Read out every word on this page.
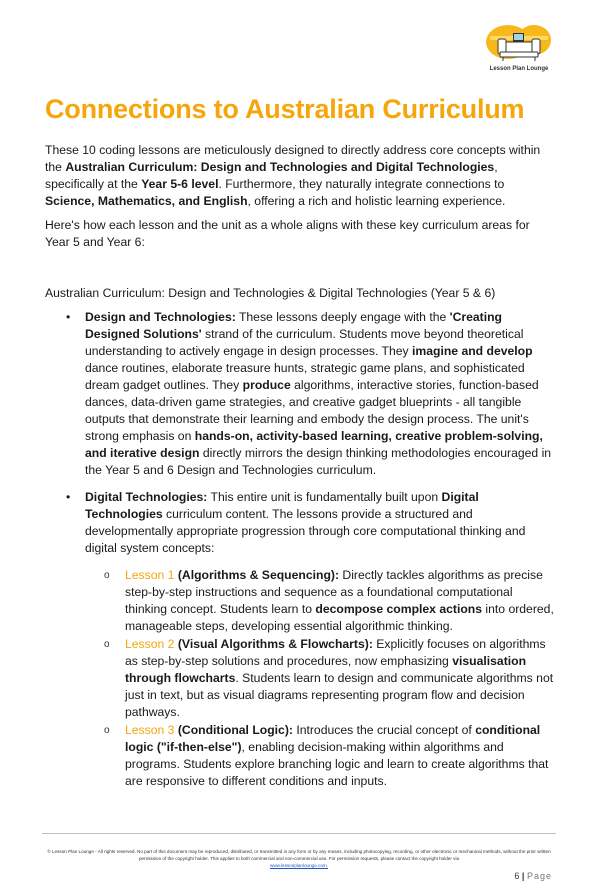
Lesson Plan Lounge
Connections to Australian Curriculum

These 10 coding lessons are meticulously designed to directly address core concepts within the Australian Curriculum: Design and Technologies and Digital Technologies, specifically at the Year 5-6 level. Furthermore, they naturally integrate connections to Science, Mathematics, and English, offering a rich and holistic learning experience.

Here's how each lesson and the unit as a whole aligns with these key curriculum areas for Year 5 and Year 6:

Australian Curriculum: Design and Technologies & Digital Technologies (Year 5 & 6)
• Design and Technologies: These lessons deeply engage with the 'Creating Designed Solutions' strand of the curriculum. Students move beyond theoretical understanding to actively engage in design processes. They imagine and develop dance routines, elaborate treasure hunts, strategic game plans, and sophisticated dream gadget outlines. They produce algorithms, interactive stories, function-based dances, data-driven game strategies, and creative gadget blueprints - all tangible outputs that demonstrate their learning and embody the design process. The unit's strong emphasis on hands-on, activity-based learning, creative problem-solving, and iterative design directly mirrors the design thinking methodologies encouraged in the Year 5 and 6 Design and Technologies curriculum.
• Digital Technologies: This entire unit is fundamentally built upon Digital Technologies curriculum content. The lessons provide a structured and developmentally appropriate progression through core computational thinking and digital system concepts:
o Lesson 1 (Algorithms & Sequencing): Directly tackles algorithms as precise step-by-step instructions and sequence as a foundational computational thinking concept. Students learn to decompose complex actions into ordered, manageable steps, developing essential algorithmic thinking.
o Lesson 2 (Visual Algorithms & Flowcharts): Explicitly focuses on algorithms as step-by-step solutions and procedures, now emphasizing visualisation through flowcharts. Students learn to design and communicate algorithms not just in text, but as visual diagrams representing program flow and decision pathways.
o Lesson 3 (Conditional Logic): Introduces the crucial concept of conditional logic ("if-then-else"), enabling decision-making within algorithms and programs. Students explore branching logic and learn to create algorithms that are responsive to different conditions and inputs.
© Lesson Plan Lounge - All rights reserved. No part of this document may be reproduced, distributed, or transmitted in any form or by any means, including photocopying, recording, or other electronic or mechanical methods, without the prior written permission of the copyright holder. This applies to both commercial and non-commercial use. For permission requests, please contact the copyright holder via
www.lessonplanlounge.com.
6 | Page
